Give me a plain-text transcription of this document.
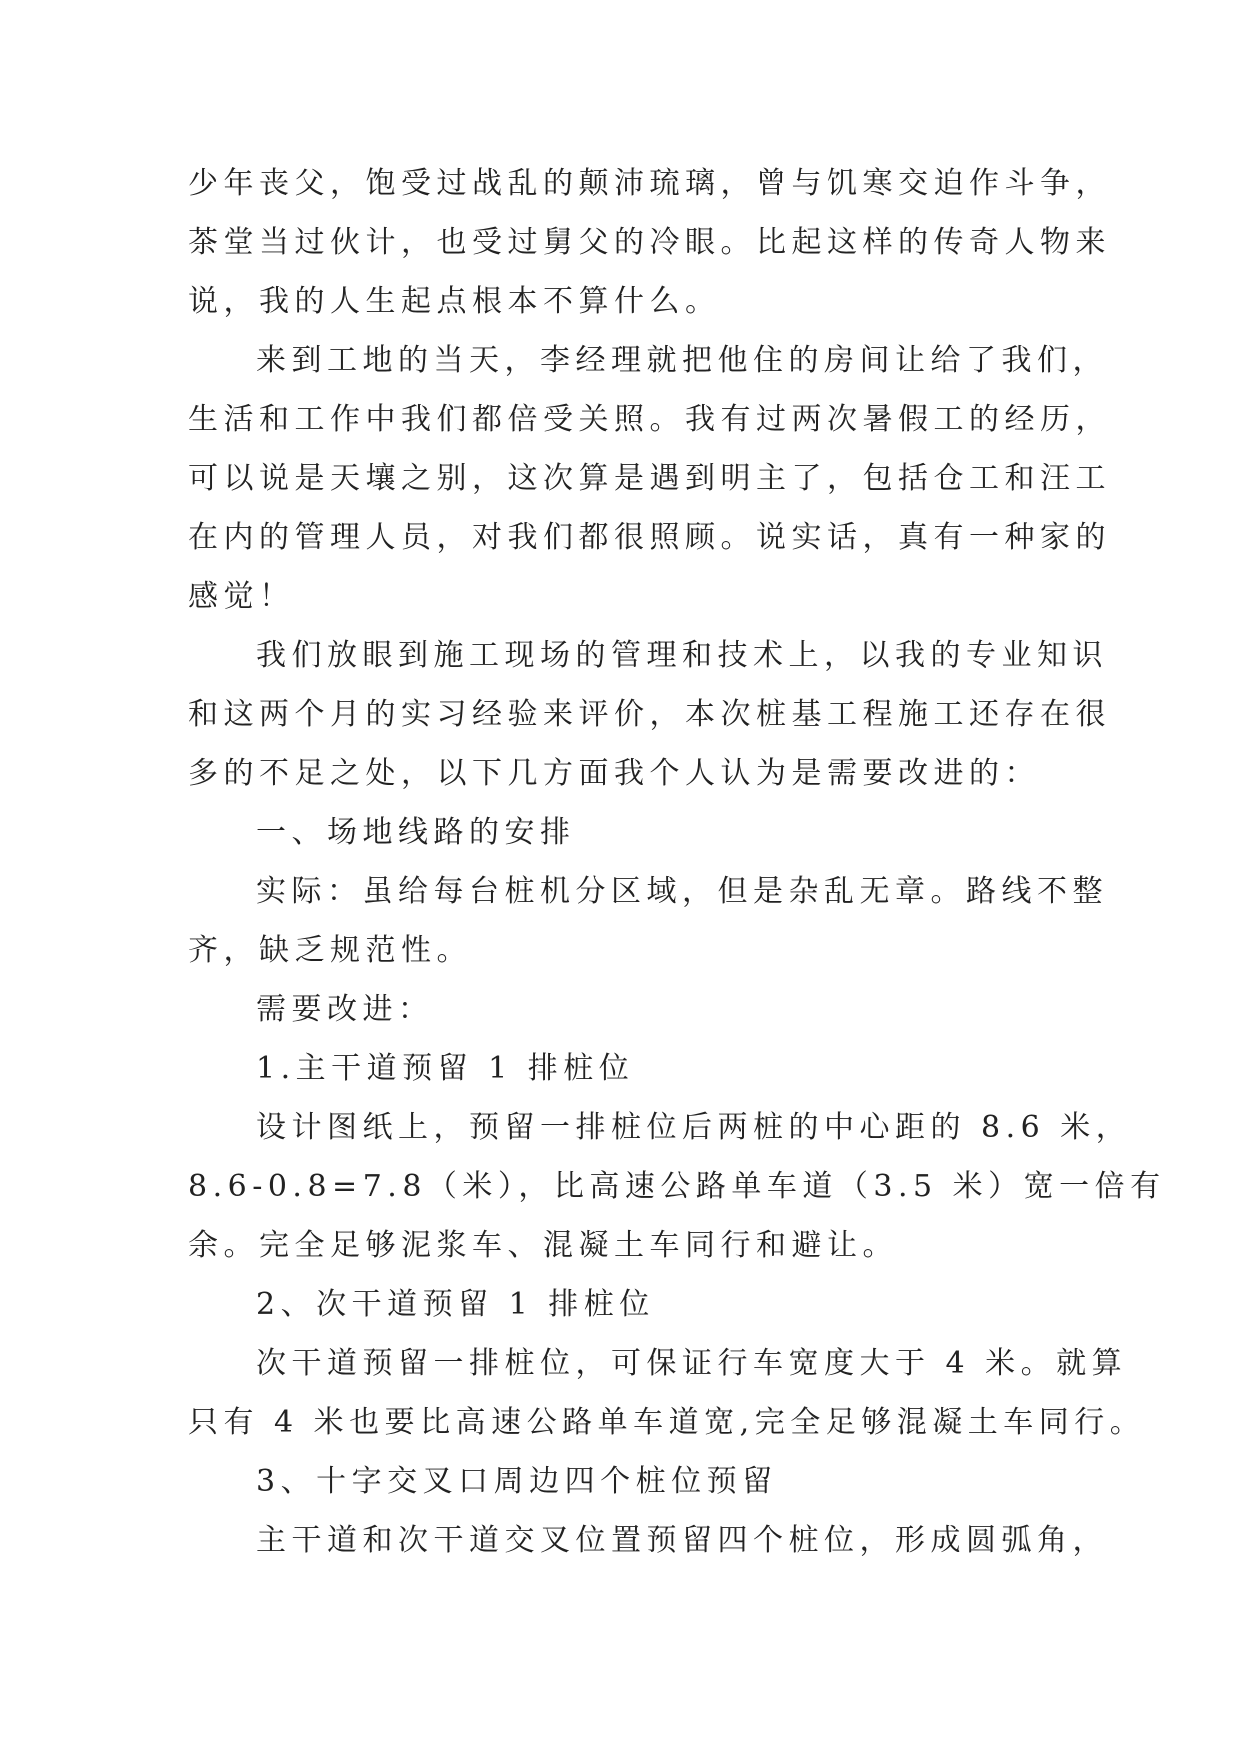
少年丧父，饱受过战乱的颠沛琉璃，曾与饥寒交迫作斗争，
茶堂当过伙计，也受过舅父的冷眼。比起这样的传奇人物来
说，我的人生起点根本不算什么。
来到工地的当天，李经理就把他住的房间让给了我们，
生活和工作中我们都倍受关照。我有过两次暑假工的经历，
可以说是天壤之别，这次算是遇到明主了，包括仓工和汪工
在内的管理人员，对我们都很照顾。说实话，真有一种家的
感觉！
我们放眼到施工现场的管理和技术上，以我的专业知识
和这两个月的实习经验来评价，本次桩基工程施工还存在很
多的不足之处，以下几方面我个人认为是需要改进的：
一、场地线路的安排
实际：虽给每台桩机分区域，但是杂乱无章。路线不整
齐，缺乏规范性。
需要改进：
1.主干道预留 1 排桩位
设计图纸上，预留一排桩位后两桩的中心距的 8.6 米，
8.6-0.8=7.8（米），比高速公路单车道（3.5 米）宽一倍有
余。完全足够泥浆车、混凝土车同行和避让。
2、次干道预留 1 排桩位
次干道预留一排桩位，可保证行车宽度大于 4 米。就算
只有 4 米也要比高速公路单车道宽,完全足够混凝土车同行。
3、十字交叉口周边四个桩位预留
主干道和次干道交叉位置预留四个桩位，形成圆弧角，
